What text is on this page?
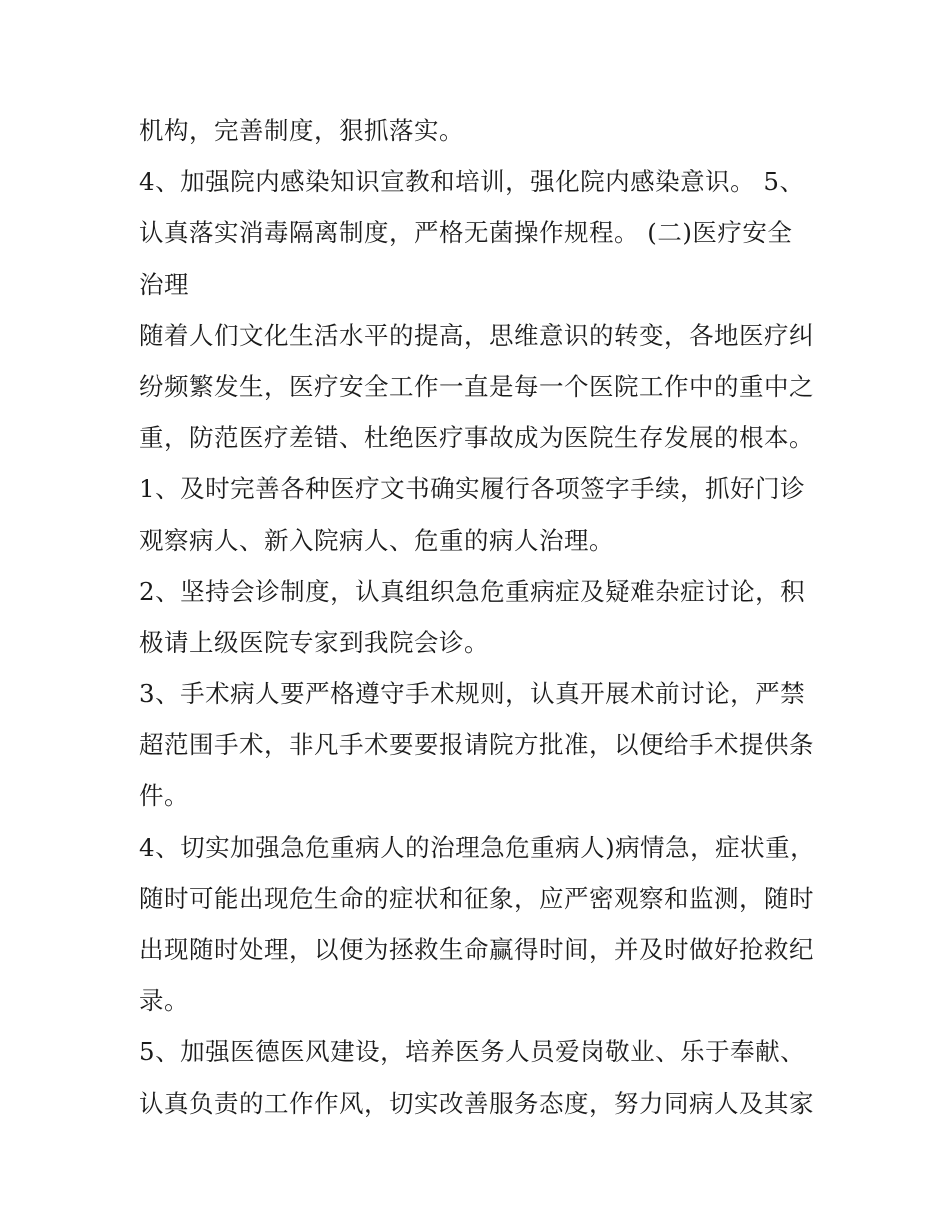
机构，完善制度，狠抓落实。
4、加强院内感染知识宣教和培训，强化院内感染意识。 5、
认真落实消毒隔离制度，严格无菌操作规程。 (二)医疗安全
治理
随着人们文化生活水平的提高，思维意识的转变，各地医疗纠
纷频繁发生，医疗安全工作一直是每一个医院工作中的重中之
重，防范医疗差错、杜绝医疗事故成为医院生存发展的根本。
1、及时完善各种医疗文书确实履行各项签字手续，抓好门诊
观察病人、新入院病人、危重的病人治理。
2、坚持会诊制度，认真组织急危重病症及疑难杂症讨论，积
极请上级医院专家到我院会诊。
3、手术病人要严格遵守手术规则，认真开展术前讨论，严禁
超范围手术，非凡手术要要报请院方批准，以便给手术提供条
件。
4、切实加强急危重病人的治理急危重病人)病情急，症状重，
随时可能出现危生命的症状和征象，应严密观察和监测，随时
出现随时处理，以便为拯救生命赢得时间，并及时做好抢救纪
录。
5、加强医德医风建设，培养医务人员爱岗敬业、乐于奉献、
认真负责的工作作风，切实改善服务态度，努力同病人及其家
